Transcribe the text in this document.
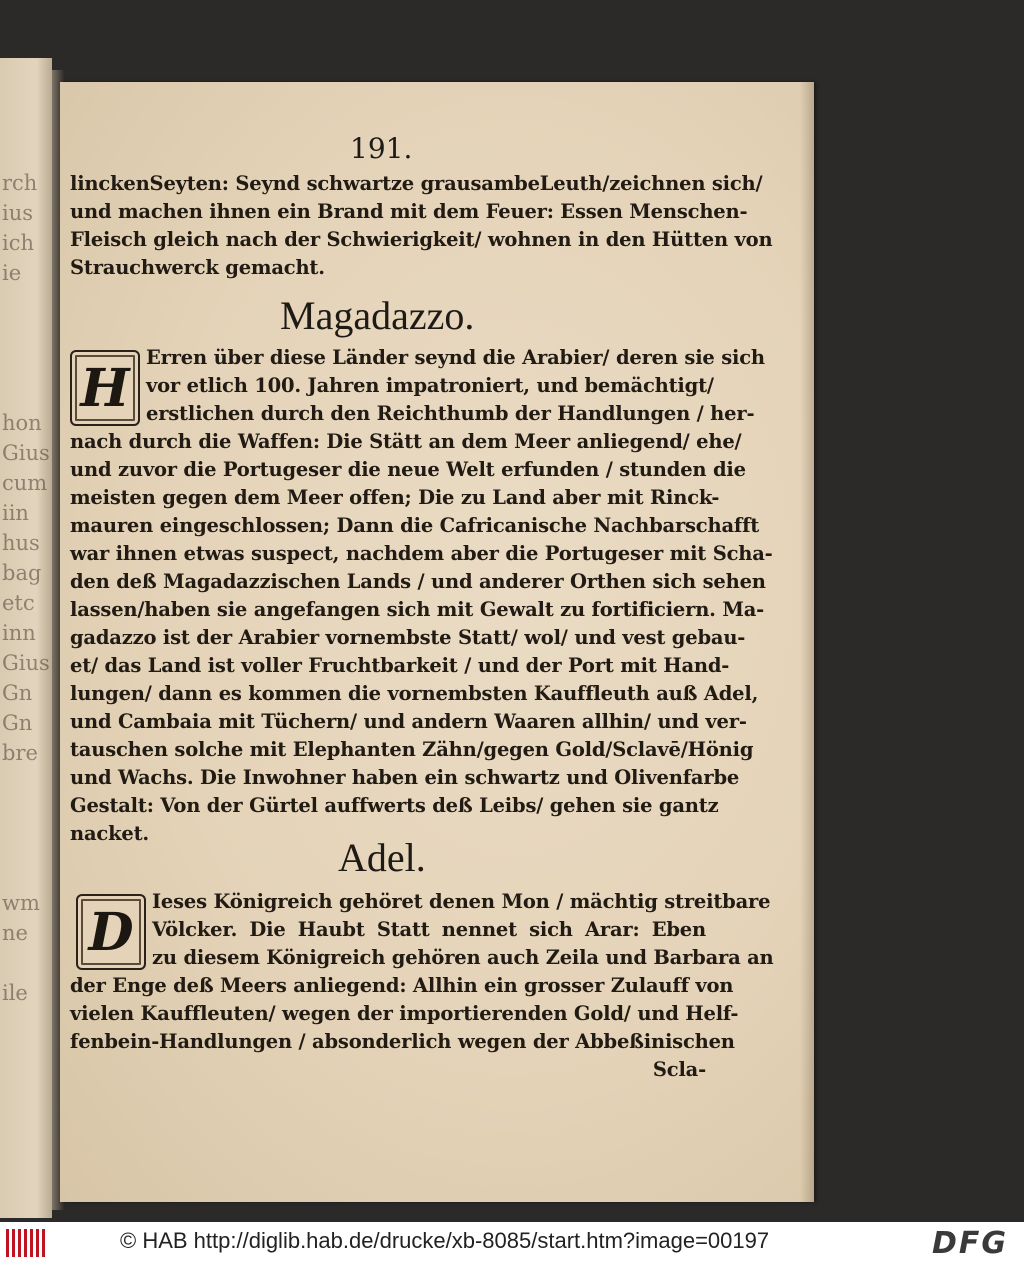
rch
ius
ich
ie

hon
Gius
cum
iin
hus
bag
etc
inn
Gius
Gn
Gn
bre

wm
ne

ile
191.
linckenSeyten: Seynd schwartze grausambeLeuth/zeichnen sich/
und machen ihnen ein Brand mit dem Feuer: Essen Menschen-
Fleisch gleich nach der Schwierigkeit/ wohnen in den Hütten von
Strauchwerck gemacht.
Magadazzo.
H Erren über diese Länder seynd die Arabier/ deren sie sich
vor etlich 100. Jahren impatroniert, und bemächtigt/
erstlichen durch den Reichthumb der Handlungen / her-
nach durch die Waffen: Die Stätt an dem Meer anliegend/ ehe/
und zuvor die Portugeser die neue Welt erfunden / stunden die
meisten gegen dem Meer offen; Die zu Land aber mit Rinck-
mauren eingeschlossen; Dann die Cafricanische Nachbarschafft
war ihnen etwas suspect, nachdem aber die Portugeser mit Scha-
den deß Magadazzischen Lands / und anderer Orthen sich sehen
lassen/haben sie angefangen sich mit Gewalt zu fortificiern. Ma-
gadazzo ist der Arabier vornembste Statt/ wol/ und vest gebau-
et/ das Land ist voller Fruchtbarkeit / und der Port mit Hand-
lungen/ dann es kommen die vornembsten Kauffleuth auß Adel,
und Cambaia mit Tüchern/ und andern Waaren allhin/ und ver-
tauschen solche mit Elephanten Zähn/gegen Gold/Sclavē/Hönig
und Wachs. Die Inwohner haben ein schwartz und Olivenfarbe
Gestalt: Von der Gürtel auffwerts deß Leibs/ gehen sie gantz
nacket.
Adel.
D Ieses Königreich gehöret denen Mon / mächtig streitbare
Völcker. Die Haubt Statt nennet sich Arar: Eben
zu diesem Königreich gehören auch Zeila und Barbara an
der Enge deß Meers anliegend: Allhin ein grosser Zulauff von
vielen Kauffleuten/ wegen der importierenden Gold/ und Helf-
fenbein-Handlungen / absonderlich wegen der Abbeßinischen
Scla-
© HAB http://diglib.hab.de/drucke/xb-8085/start.htm?image=00197	DFG
